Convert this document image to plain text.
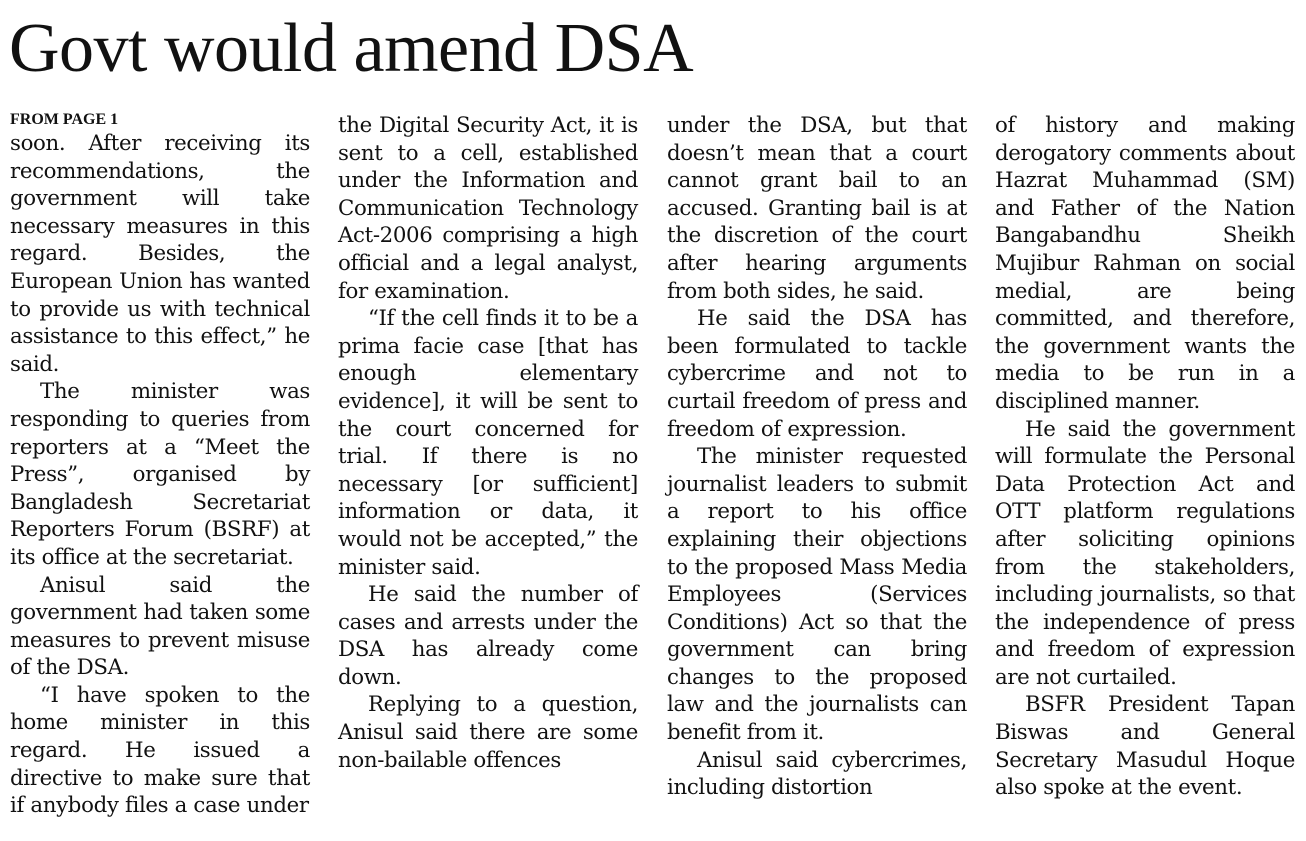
Govt would amend DSA
FROM PAGE 1

soon. After receiving its recommendations, the government will take necessary measures in this regard. Besides, the European Union has wanted to provide us with technical assistance to this effect,” he said.

The minister was responding to queries from reporters at a “Meet the Press”, organised by Bangladesh Secretariat Reporters Forum (BSRF) at its office at the secretariat.

Anisul said the government had taken some measures to prevent misuse of the DSA.

“I have spoken to the home minister in this regard. He issued a directive to make sure that if anybody files a case under

the Digital Security Act, it is sent to a cell, established under the Information and Communication Technology Act-2006 comprising a high official and a legal analyst, for examination.

“If the cell finds it to be a prima facie case [that has enough elementary evidence], it will be sent to the court concerned for trial. If there is no necessary [or sufficient] information or data, it would not be accepted,” the minister said.

He said the number of cases and arrests under the DSA has already come down.

Replying to a question, Anisul said there are some non-bailable offences

under the DSA, but that doesn’t mean that a court cannot grant bail to an accused. Granting bail is at the discretion of the court after hearing arguments from both sides, he said.

He said the DSA has been formulated to tackle cybercrime and not to curtail freedom of press and freedom of expression.

The minister requested journalist leaders to submit a report to his office explaining their objections to the proposed Mass Media Employees (Services Conditions) Act so that the government can bring changes to the proposed law and the journalists can benefit from it.

Anisul said cybercrimes, including distortion

of history and making derogatory comments about Hazrat Muhammad (SM) and Father of the Nation Bangabandhu Sheikh Mujibur Rahman on social medial, are being committed, and therefore, the government wants the media to be run in a disciplined manner.

He said the government will formulate the Personal Data Protection Act and OTT platform regulations after soliciting opinions from the stakeholders, including journalists, so that the independence of press and freedom of expression are not curtailed.

BSFR President Tapan Biswas and General Secretary Masudul Hoque also spoke at the event.
